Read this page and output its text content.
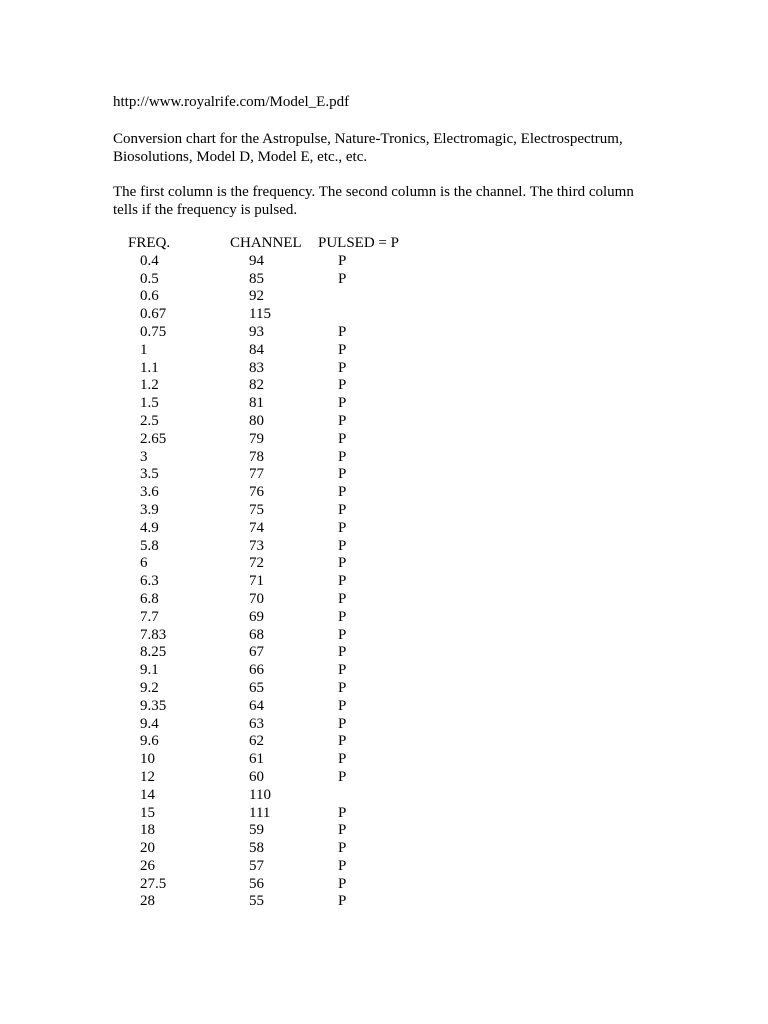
http://www.royalrife.com/Model_E.pdf
Conversion chart for the Astropulse, Nature-Tronics, Electromagic, Electrospectrum,
Biosolutions, Model D, Model E, etc., etc.
The first column is the frequency. The second column is the channel. The third column
tells if the frequency is pulsed.
FREQ.	CHANNEL PULSED = P
0.4	94	P
0.5	85	P
0.6	92
0.67	115
0.75	93	P
1	84	P
1.1	83	P
1.2	82	P
1.5	81	P
2.5	80	P
2.65	79	P
3	78	P
3.5	77	P
3.6	76	P
3.9	75	P
4.9	74	P
5.8	73	P
6	72	P
6.3	71	P
6.8	70	P
7.7	69	P
7.83	68	P
8.25	67	P
9.1	66	P
9.2	65	P
9.35	64	P
9.4	63	P
9.6	62	P
10	61	P
12	60	P
14	110
15	111	P
18	59	P
20	58	P
26	57	P
27.5	56	P
28	55	P
